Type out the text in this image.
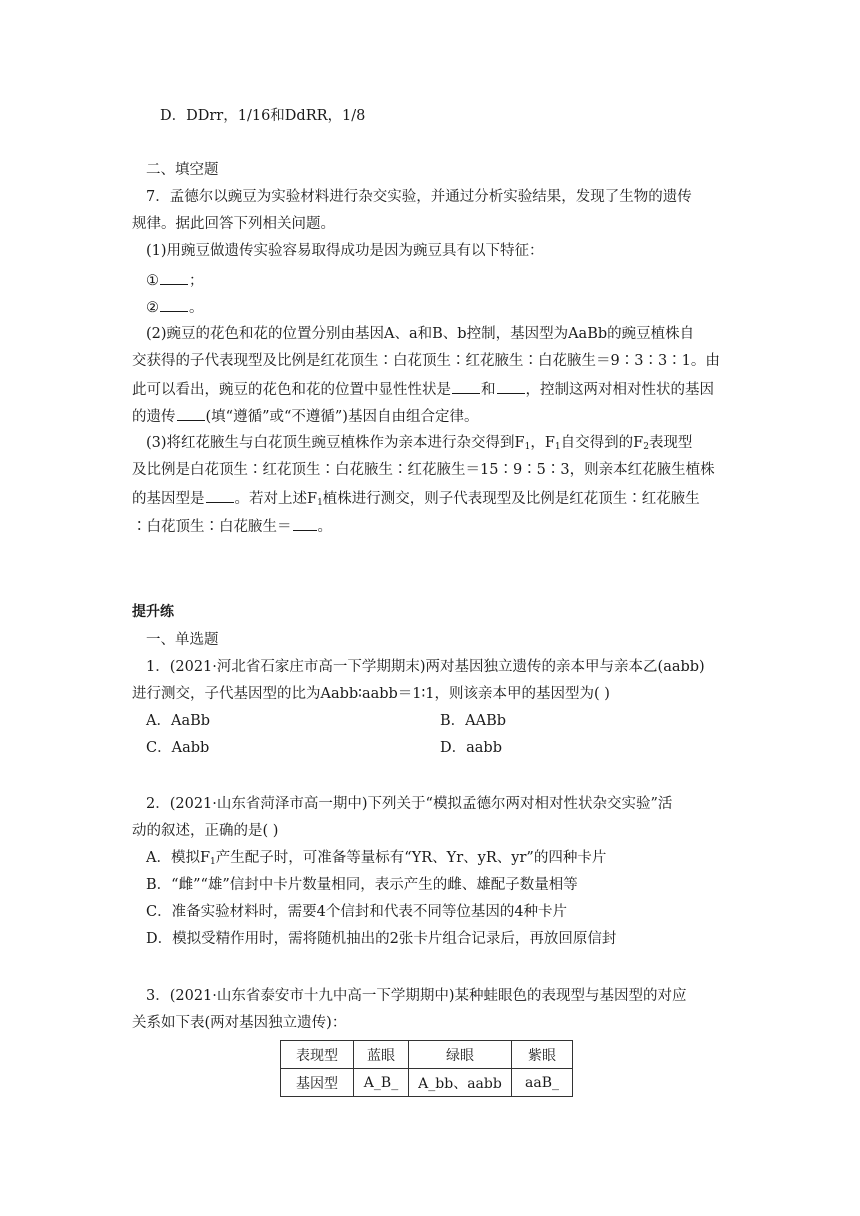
D．DDrr，1/16和DdRR，1/8
二、填空题
7．孟德尔以豌豆为实验材料进行杂交实验，并通过分析实验结果，发现了生物的遗传
规律。据此回答下列相关问题。
(1)用豌豆做遗传实验容易取得成功是因为豌豆具有以下特征：
① ；
② 。
(2)豌豆的花色和花的位置分别由基因A、a和B、b控制，基因型为AaBb的豌豆植株自
交获得的子代表现型及比例是红花顶生∶白花顶生∶红花腋生∶白花腋生＝9∶3∶3∶1。由
此可以看出，豌豆的花色和花的位置中显性性状是 和 ，控制这两对相对性状的基因
的遗传 (填“遵循”或“不遵循”)基因自由组合定律。
(3)将红花腋生与白花顶生豌豆植株作为亲本进行杂交得到$F_1$，$F_1$自交得到的$F_2$表现型
及比例是白花顶生∶红花顶生∶白花腋生∶红花腋生＝15∶9∶5∶3，则亲本红花腋生植株
的基因型是 。若对上述$F_1$植株进行测交，则子代表现型及比例是红花顶生∶红花腋生
∶白花顶生∶白花腋生＝ 。
提升练
一、单选题
1．(2021·河北省石家庄市高一下学期期末)两对基因独立遗传的亲本甲与亲本乙(aabb)
进行测交，子代基因型的比为Aabb∶aabb＝1∶1，则该亲本甲的基因型为( )
A．AaBb	B．AABb
C．Aabb	D．aabb
2．(2021·山东省菏泽市高一期中)下列关于“模拟孟德尔两对相对性状杂交实验”活
动的叙述，正确的是( )
A．模拟$F_1$产生配子时，可准备等量标有“YR、Yr、yR、yr”的四种卡片
B．“雌”“雄”信封中卡片数量相同，表示产生的雌、雄配子数量相等
C．准备实验材料时，需要4个信封和代表不同等位基因的4种卡片
D．模拟受精作用时，需将随机抽出的2张卡片组合记录后，再放回原信封
3．(2021·山东省泰安市十九中高一下学期期中)某种蛙眼色的表现型与基因型的对应
关系如下表(两对基因独立遗传)：
表现型	蓝眼	绿眼	紫眼
基因型	A_B_	A_bb、aabb	aaB_
